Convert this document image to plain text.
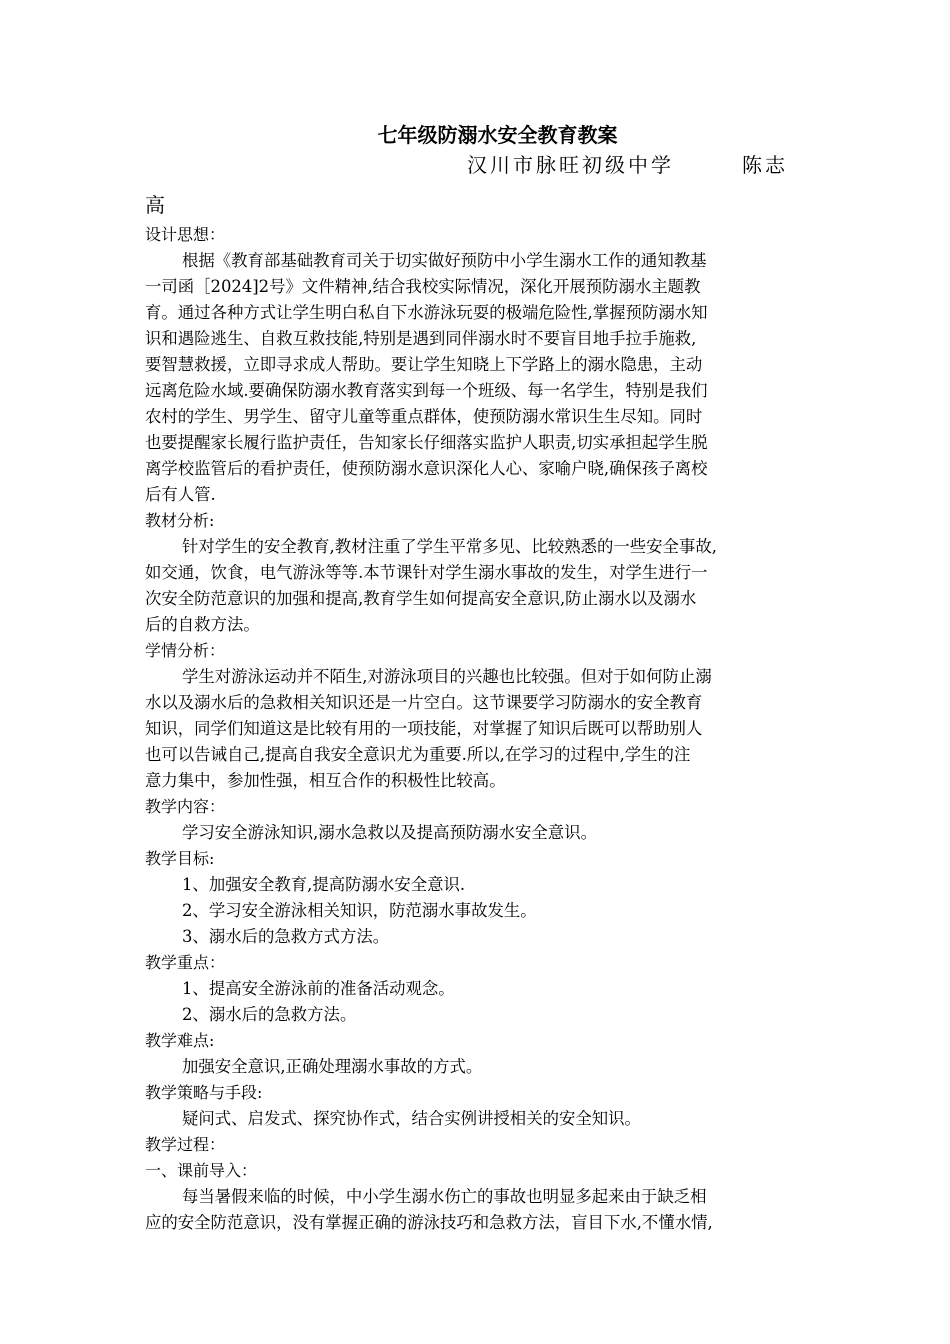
七年级防溺水安全教育教案
汉川市脉旺初级中学	陈志
高
设计思想：
根据《教育部基础教育司关于切实做好预防中小学生溺水工作的通知教基
一司函［2024]2号》文件精神,结合我校实际情况，深化开展预防溺水主题教
育。通过各种方式让学生明白私自下水游泳玩耍的极端危险性,掌握预防溺水知
识和遇险逃生、自救互救技能,特别是遇到同伴溺水时不要盲目地手拉手施救,
要智慧救援，立即寻求成人帮助。要让学生知晓上下学路上的溺水隐患，主动
远离危险水域.要确保防溺水教育落实到每一个班级、每一名学生，特别是我们
农村的学生、男学生、留守儿童等重点群体，使预防溺水常识生生尽知。同时
也要提醒家长履行监护责任，告知家长仔细落实监护人职责,切实承担起学生脱
离学校监管后的看护责任，使预防溺水意识深化人心、家喻户晓,确保孩子离校
后有人管.
教材分析:
针对学生的安全教育,教材注重了学生平常多见、比较熟悉的一些安全事故,
如交通，饮食，电气游泳等等.本节课针对学生溺水事故的发生，对学生进行一
次安全防范意识的加强和提高,教育学生如何提高安全意识,防止溺水以及溺水
后的自救方法。
学情分析：
学生对游泳运动并不陌生,对游泳项目的兴趣也比较强。但对于如何防止溺
水以及溺水后的急救相关知识还是一片空白。这节课要学习防溺水的安全教育
知识，同学们知道这是比较有用的一项技能，对掌握了知识后既可以帮助别人
也可以告诫自己,提高自我安全意识尤为重要.所以,在学习的过程中,学生的注
意力集中，参加性强，相互合作的积极性比较高。
教学内容：
学习安全游泳知识,溺水急救以及提高预防溺水安全意识。
教学目标:
1、加强安全教育,提高防溺水安全意识.
2、学习安全游泳相关知识，防范溺水事故发生。
3、溺水后的急救方式方法。
教学重点：
1、提高安全游泳前的准备活动观念。
2、溺水后的急救方法。
教学难点:
加强安全意识,正确处理溺水事故的方式。
教学策略与手段:
疑问式、启发式、探究协作式，结合实例讲授相关的安全知识。
教学过程：
一、课前导入：
每当暑假来临的时候，中小学生溺水伤亡的事故也明显多起来由于缺乏相
应的安全防范意识，没有掌握正确的游泳技巧和急救方法，盲目下水,不懂水情,
